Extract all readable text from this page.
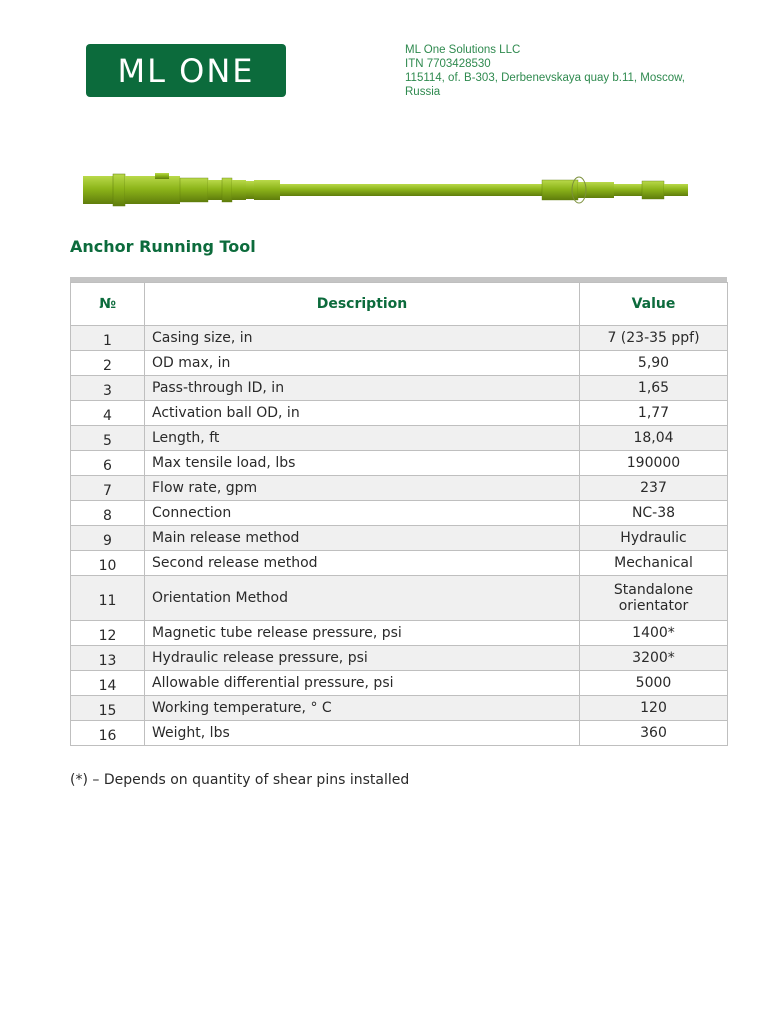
ML ONE
ML One Solutions LLC
ITN 7703428530
115114, of. B-303, Derbenevskaya quay b.11, Moscow,
Russia
Anchor Running Tool
№	Description	Value
1	Casing size, in	7 (23-35 ppf)
2	OD max, in	5,90
3	Pass-through ID, in	1,65
4	Activation ball OD, in	1,77
5	Length, ft	18,04
6	Max tensile load, lbs	190000
7	Flow rate, gpm	237
8	Connection	NC-38
9	Main release method	Hydraulic
10	Second release method	Mechanical
11	Orientation Method	Standalone orientator
12	Magnetic tube release pressure, psi	1400*
13	Hydraulic release pressure, psi	3200*
14	Allowable differential pressure, psi	5000
15	Working temperature, ° C	120
16	Weight, lbs	360
(*) – Depends on quantity of shear pins installed
